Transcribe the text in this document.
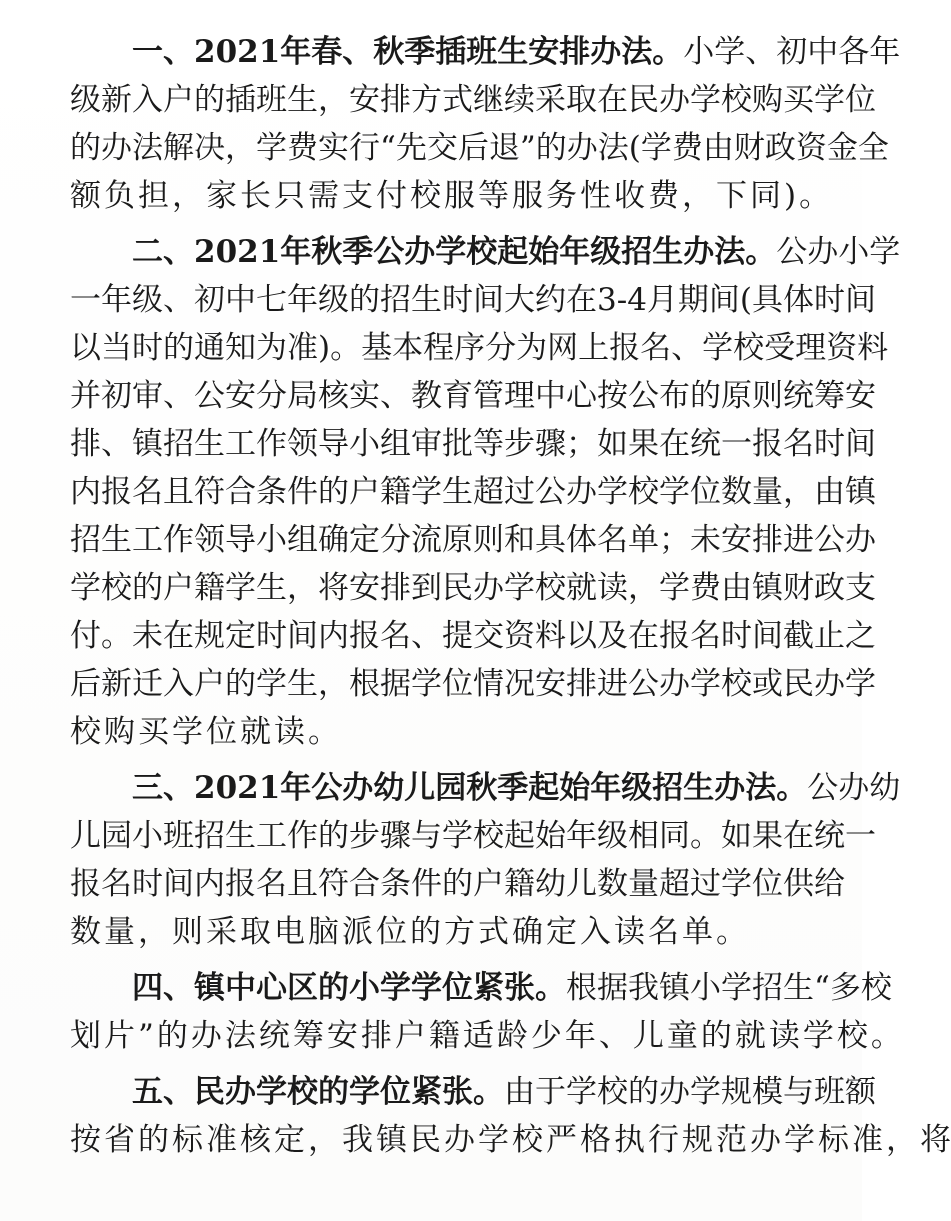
一、2021年春、秋季插班生安排办法。 小 学 、 初 中 各 年
级 新 入 户 的 插 班 生 ， 安 排 方 式 继 续 采 取 在 民 办 学 校 购 买 学 位
的 办 法 解 决 ， 学 费 实 行 “ 先 交 后 退 ” 的 办 法 ( 学 费 由 财 政 资 金 全
额 负 担 ， 家 长 只 需 支 付 校 服 等 服 务 性 收 费 ， 下 同 ) 。
二、2021年秋季公办学校起始年级招生办法。 公 办 小 学
一 年 级 、 初 中 七 年 级 的 招 生 时 间 大 约 在 3-4 月 期 间 ( 具 体 时 间
以 当 时 的 通 知 为 准 ) 。 基 本 程 序 分 为 网 上 报 名 、 学 校 受 理 资 料
并 初 审 、 公 安 分 局 核 实 、 教 育 管 理 中 心 按 公 布 的 原 则 统 筹 安
排 、 镇 招 生 工 作 领 导 小 组 审 批 等 步 骤 ； 如 果 在 统 一 报 名 时 间
内 报 名 且 符 合 条 件 的 户 籍 学 生 超 过 公 办 学 校 学 位 数 量 ， 由 镇
招 生 工 作 领 导 小 组 确 定 分 流 原 则 和 具 体 名 单 ； 未 安 排 进 公 办
学 校 的 户 籍 学 生 ， 将 安 排 到 民 办 学 校 就 读 ， 学 费 由 镇 财 政 支
付 。 未 在 规 定 时 间 内 报 名 、 提 交 资 料 以 及 在 报 名 时 间 截 止 之
后 新 迁 入 户 的 学 生 ， 根 据 学 位 情 况 安 排 进 公 办 学 校 或 民 办 学
校 购 买 学 位 就 读 。
三、2021年公办幼儿园秋季起始年级招生办法。 公 办 幼
儿 园 小 班 招 生 工 作 的 步 骤 与 学 校 起 始 年 级 相 同 。 如 果 在 统 一
报 名 时 间 内 报 名 且 符 合 条 件 的 户 籍 幼 儿 数 量 超 过 学 位 供 给
数 量 ， 则 采 取 电 脑 派 位 的 方 式 确 定 入 读 名 单 。
四、镇中心区的小学学位紧张。 根 据 我 镇 小 学 招 生 “ 多 校
划 片 ” 的 办 法 统 筹 安 排 户 籍 适 龄 少 年 、 儿 童 的 就 读 学 校 。
五、民办学校的学位紧张。 由 于 学 校 的 办 学 规 模 与 班 额
按 省 的 标 准 核 定 ， 我 镇 民 办 学 校 严 格 执 行 规 范 办 学 标 准 ， 将
